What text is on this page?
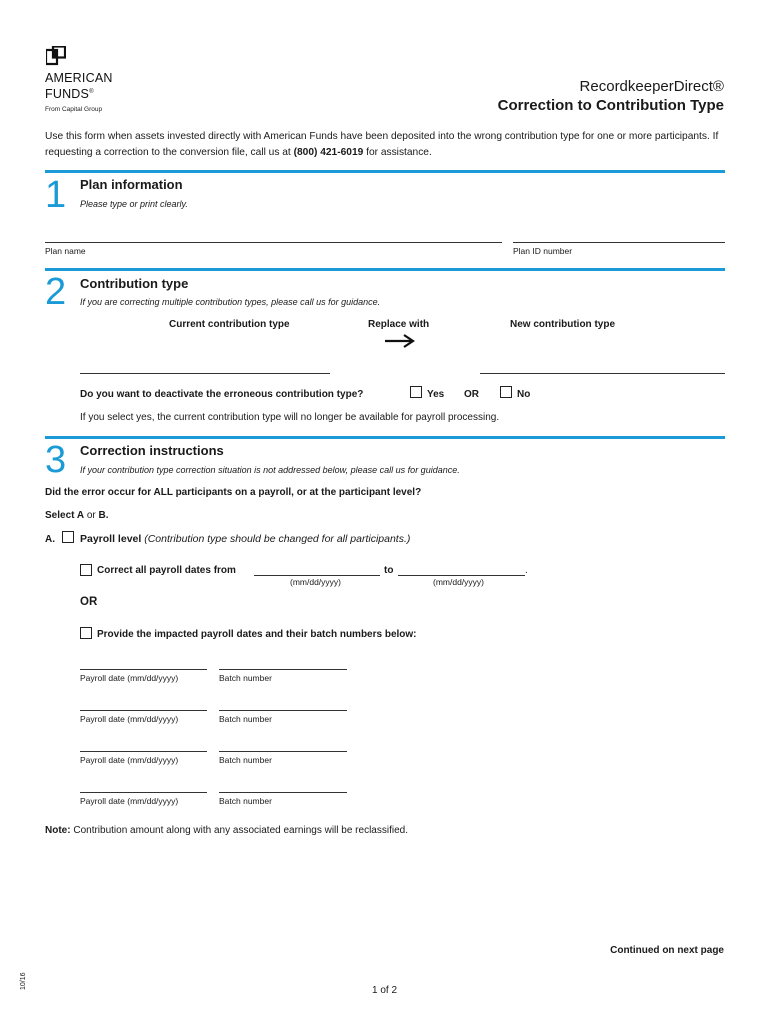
AMERICAN
FUNDS®
From Capital Group
RecordkeeperDirect®
Correction to Contribution Type
Use this form when assets invested directly with American Funds have been deposited into the wrong contribution type for one or more participants. If requesting a correction to the conversion file, call us at (800) 421-6019 for assistance.
1 Plan information
Please type or print clearly.
Plan name	Plan ID number
2 Contribution type
If you are correcting multiple contribution types, please call us for guidance.
Current contribution type	Replace with	New contribution type
Do you want to deactivate the erroneous contribution type?	Yes OR	No
If you select yes, the current contribution type will no longer be available for payroll processing.
3 Correction instructions
If your contribution type correction situation is not addressed below, please call us for guidance.
Did the error occur for ALL participants on a payroll, or at the participant level?
Select A or B.
A. Payroll level (Contribution type should be changed for all participants.)
Correct all payroll dates from
(mm/dd/yyyy)
to	.
(mm/dd/yyyy)
OR
Provide the impacted payroll dates and their batch numbers below:
Payroll date (mm/dd/yyyy)	Batch number
Payroll date (mm/dd/yyyy)	Batch number
Payroll date (mm/dd/yyyy)	Batch number
Payroll date (mm/dd/yyyy)	Batch number
Note: Contribution amount along with any associated earnings will be reclassified.
Continued on next page
1 of 2
10/16
